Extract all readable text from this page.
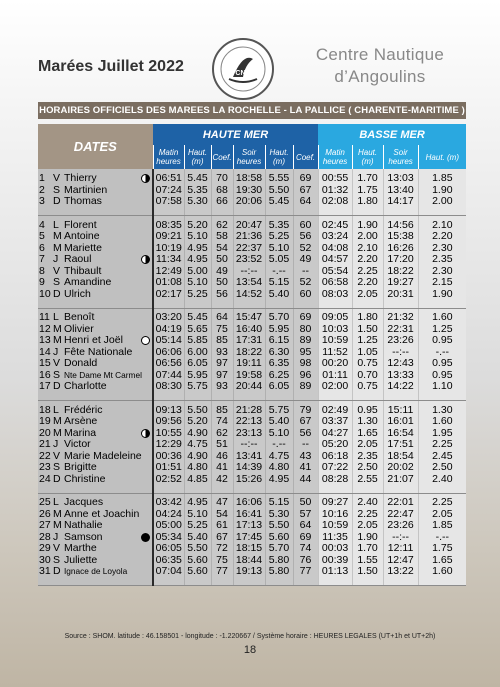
Marées Juillet 2022	CNA
Centre Nautique
d’Angoulins
HORAIRES OFFICIELS DES MAREES LA ROCHELLE - LA PALLICE ( CHARENTE-MARITIME )
DATES	HAUTE MER						BASSE MER			
	Matin heures	Haut. (m)	Coef.	Soir heures	Haut. (m)	Coef.	Matin heures	Haut. (m)	Soir heures	Haut. (m)

1 V Thierry	06:51	5.45	70	18:58	5.55	69	00:55	1.70	13:03	1.85
2 S Martinien	07:24	5.35	68	19:30	5.50	67	01:32	1.75	13:40	1.90
3 D Thomas	07:58	5.30	66	20:06	5.45	64	02:08	1.80	14:17	2.00

4 L Florent	08:35	5.20	62	20:47	5.35	60	02:45	1.90	14:56	2.10
5 M Antoine	09:21	5.10	58	21:36	5.25	56	03:24	2.00	15:38	2.20
6 M Mariette	10:19	4.95	54	22:37	5.10	52	04:08	2.10	16:26	2.30
7 J Raoul	11:34	4.95	50	23:52	5.05	49	04:57	2.20	17:20	2.35
8 V Thibault	12:49	5.00	49	--:--	-.--	--	05:54	2.25	18:22	2.30
9 S Amandine	01:08	5.10	50	13:54	5.15	52	06:58	2.20	19:27	2.15
10 D Ulrich	02:17	5.25	56	14:52	5.40	60	08:03	2.05	20:31	1.90

11 L Benoît	03:20	5.45	64	15:47	5.70	69	09:05	1.80	21:32	1.60
12 M Olivier	04:19	5.65	75	16:40	5.95	80	10:03	1.50	22:31	1.25
13 M Henri et Joël	05:14	5.85	85	17:31	6.15	89	10:59	1.25	23:26	0.95
14 J Fête Nationale	06:06	6.00	93	18:22	6.30	95	11:52	1.05	--:--	-.--
15 V Donald	06:56	6.05	97	19:11	6.35	98	00:20	0.75	12:43	0.95
16 S Nte Dame Mt Carmel	07:44	5.95	97	19:58	6.25	96	01:11	0.70	13:33	0.95
17 D Charlotte	08:30	5.75	93	20:44	6.05	89	02:00	0.75	14:22	1.10

18 L Frédéric	09:13	5.50	85	21:28	5.75	79	02:49	0.95	15:11	1.30
19 M Arsène	09:56	5.20	74	22:13	5.40	67	03:37	1.30	16:01	1.60
20 M Marina	10:55	4.90	62	23:13	5.10	56	04:27	1.65	16:54	1.95
21 J Victor	12:29	4.75	51	--:--	-.--	--	05:20	2.05	17:51	2.25
22 V Marie Madeleine	00:36	4.90	46	13:41	4.75	43	06:18	2.35	18:54	2.45
23 S Brigitte	01:51	4.80	41	14:39	4.80	41	07:22	2.50	20:02	2.50
24 D Christine	02:52	4.85	42	15:26	4.95	44	08:28	2.55	21:07	2.40

25 L Jacques	03:42	4.95	47	16:06	5.15	50	09:27	2.40	22:01	2.25
26 M Anne et Joachin	04:24	5.10	54	16:41	5.30	57	10:16	2.25	22:47	2.05
27 M Nathalie	05:00	5.25	61	17:13	5.50	64	10:59	2.05	23:26	1.85
28 J Samson	05:34	5.40	67	17:45	5.60	69	11:35	1.90	--:--	-.--
29 V Marthe	06:05	5.50	72	18:15	5.70	74	00:03	1.70	12:11	1.75
30 S Juliette	06:35	5.60	75	18:44	5.80	76	00:39	1.55	12:47	1.65
31 D Ignace de Loyola	07:04	5.60	77	19:13	5.80	77	01:13	1.50	13:22	1.60

Source : SHOM. latitude : 46.158501 - longitude : -1.220667 / Système horaire : HEURES LEGALES (UT+1h et UT+2h)
18
